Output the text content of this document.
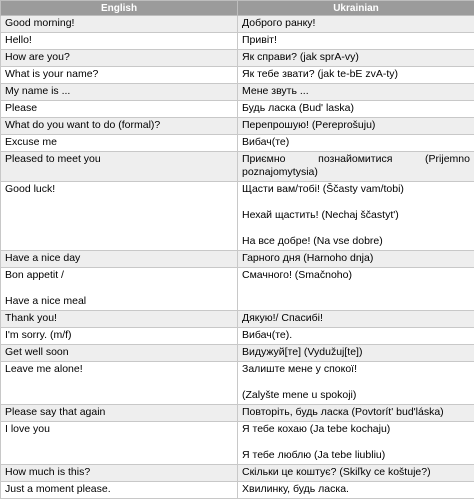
English	Ukrainian

Good morning!	Доброго ранку!

Hello!	Привіт!

How are you?	Як справи? (jak sprA-vy)

What is your name?	Як тебе звати? (jak te-bE zvA-ty)

My name is ...	Мене звуть ...

Please	Будь ласка (Bud' laska)

What do you want to do (formal)?	Перепрошую! (Pereprošuju)

Excuse me	Вибач(те)

Pleased to meet you	Приємно познайомитися (Prijemno

poznajomytysia)

Good luck!	Щасти вам/тобі! (Ščasty vam/tobi)

Нехай щастить! (Nechaj ščastyt')

На все добре! (Na vse dobre)

Have a nice day	Гарного дня (Harnoho dnja)

Bon appetit /

Have a nice meal	Смачного! (Smačnoho)

Thank you!	Дякую!/ Спасибі!

I'm sorry. (m/f)	Вибач(те).

Get well soon	Видужуй[те] (Vydužuj[te])

Leave me alone!	Залиште мене у спокої!

(Zalyšte mene u spokoji)

Please say that again	Повторіть, будь ласка (Povtorít' bud'láska)

I love you	Я тебе кохаю (Ja tebe kochaju)

Я тебе люблю (Ja tebe liubliu)

How much is this?	Скільки це коштує? (Skiľky ce koštuje?)

Just a moment please.	Хвилинку, будь ласка.
